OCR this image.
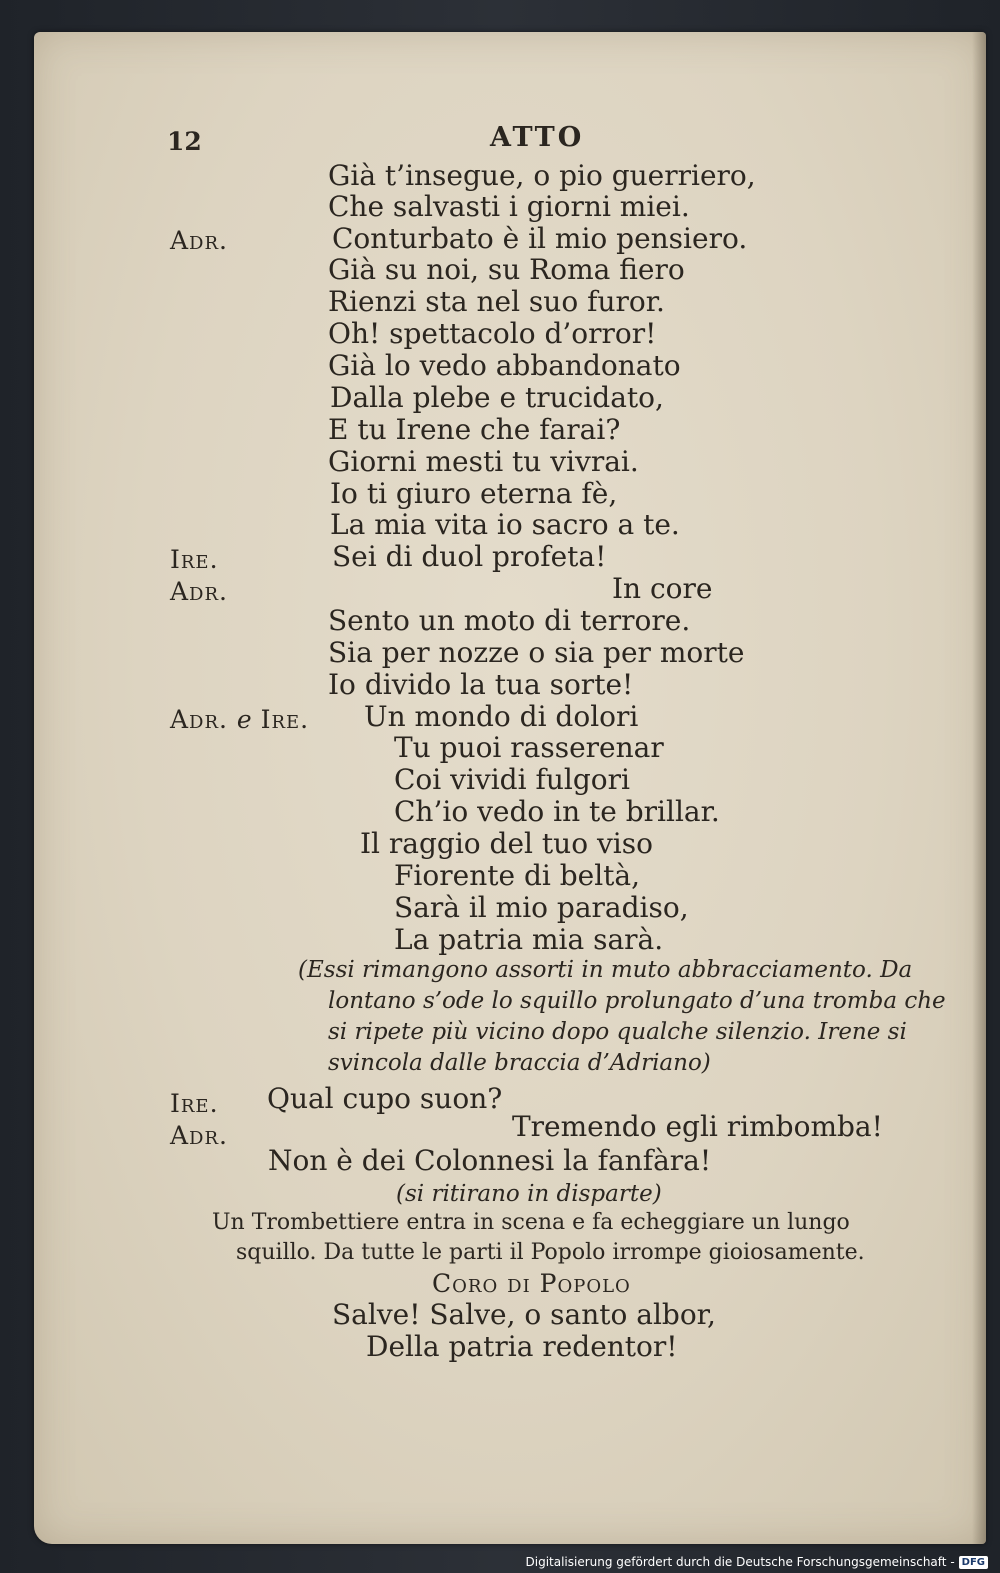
12	ATTO
Già t’insegue, o pio guerriero,
Che salvasti i giorni miei.
Adr.	Conturbato è il mio pensiero.
Già su noi, su Roma fiero
Rienzi sta nel suo furor.
Oh! spettacolo d’orror!
Già lo vedo abbandonato
Dalla plebe e trucidato,
E tu Irene che farai?
Giorni mesti tu vivrai.
Io ti giuro eterna fè,
La mia vita io sacro a te.
Ire.	Sei di duol profeta!
Adr.	In core
Sento un moto di terrore.
Sia per nozze o sia per morte
Io divido la tua sorte!
Adr. e Ire. Un mondo di dolori
Tu puoi rasserenar
Coi vividi fulgori
Ch’io vedo in te brillar.
Il raggio del tuo viso
Fiorente di beltà,
Sarà il mio paradiso,
La patria mia sarà.
(Essi rimangono assorti in muto abbracciamento. Da
lontano s’ode lo squillo prolungato d’una tromba che
si ripete più vicino dopo qualche silenzio. Irene si
svincola dalle braccia d’Adriano)
Ire. Qual cupo suon?
Adr.	Tremendo egli rimbomba!
Non è dei Colonnesi la fanfàra!
(si ritirano in disparte)
Un Trombettiere entra in scena e fa echeggiare un lungo
squillo. Da tutte le parti il Popolo irrompe gioiosamente.
Coro di Popolo
Salve! Salve, o santo albor,
Della patria redentor!
Digitalisierung gefördert durch die Deutsche Forschungsgemeinschaft - DFG
